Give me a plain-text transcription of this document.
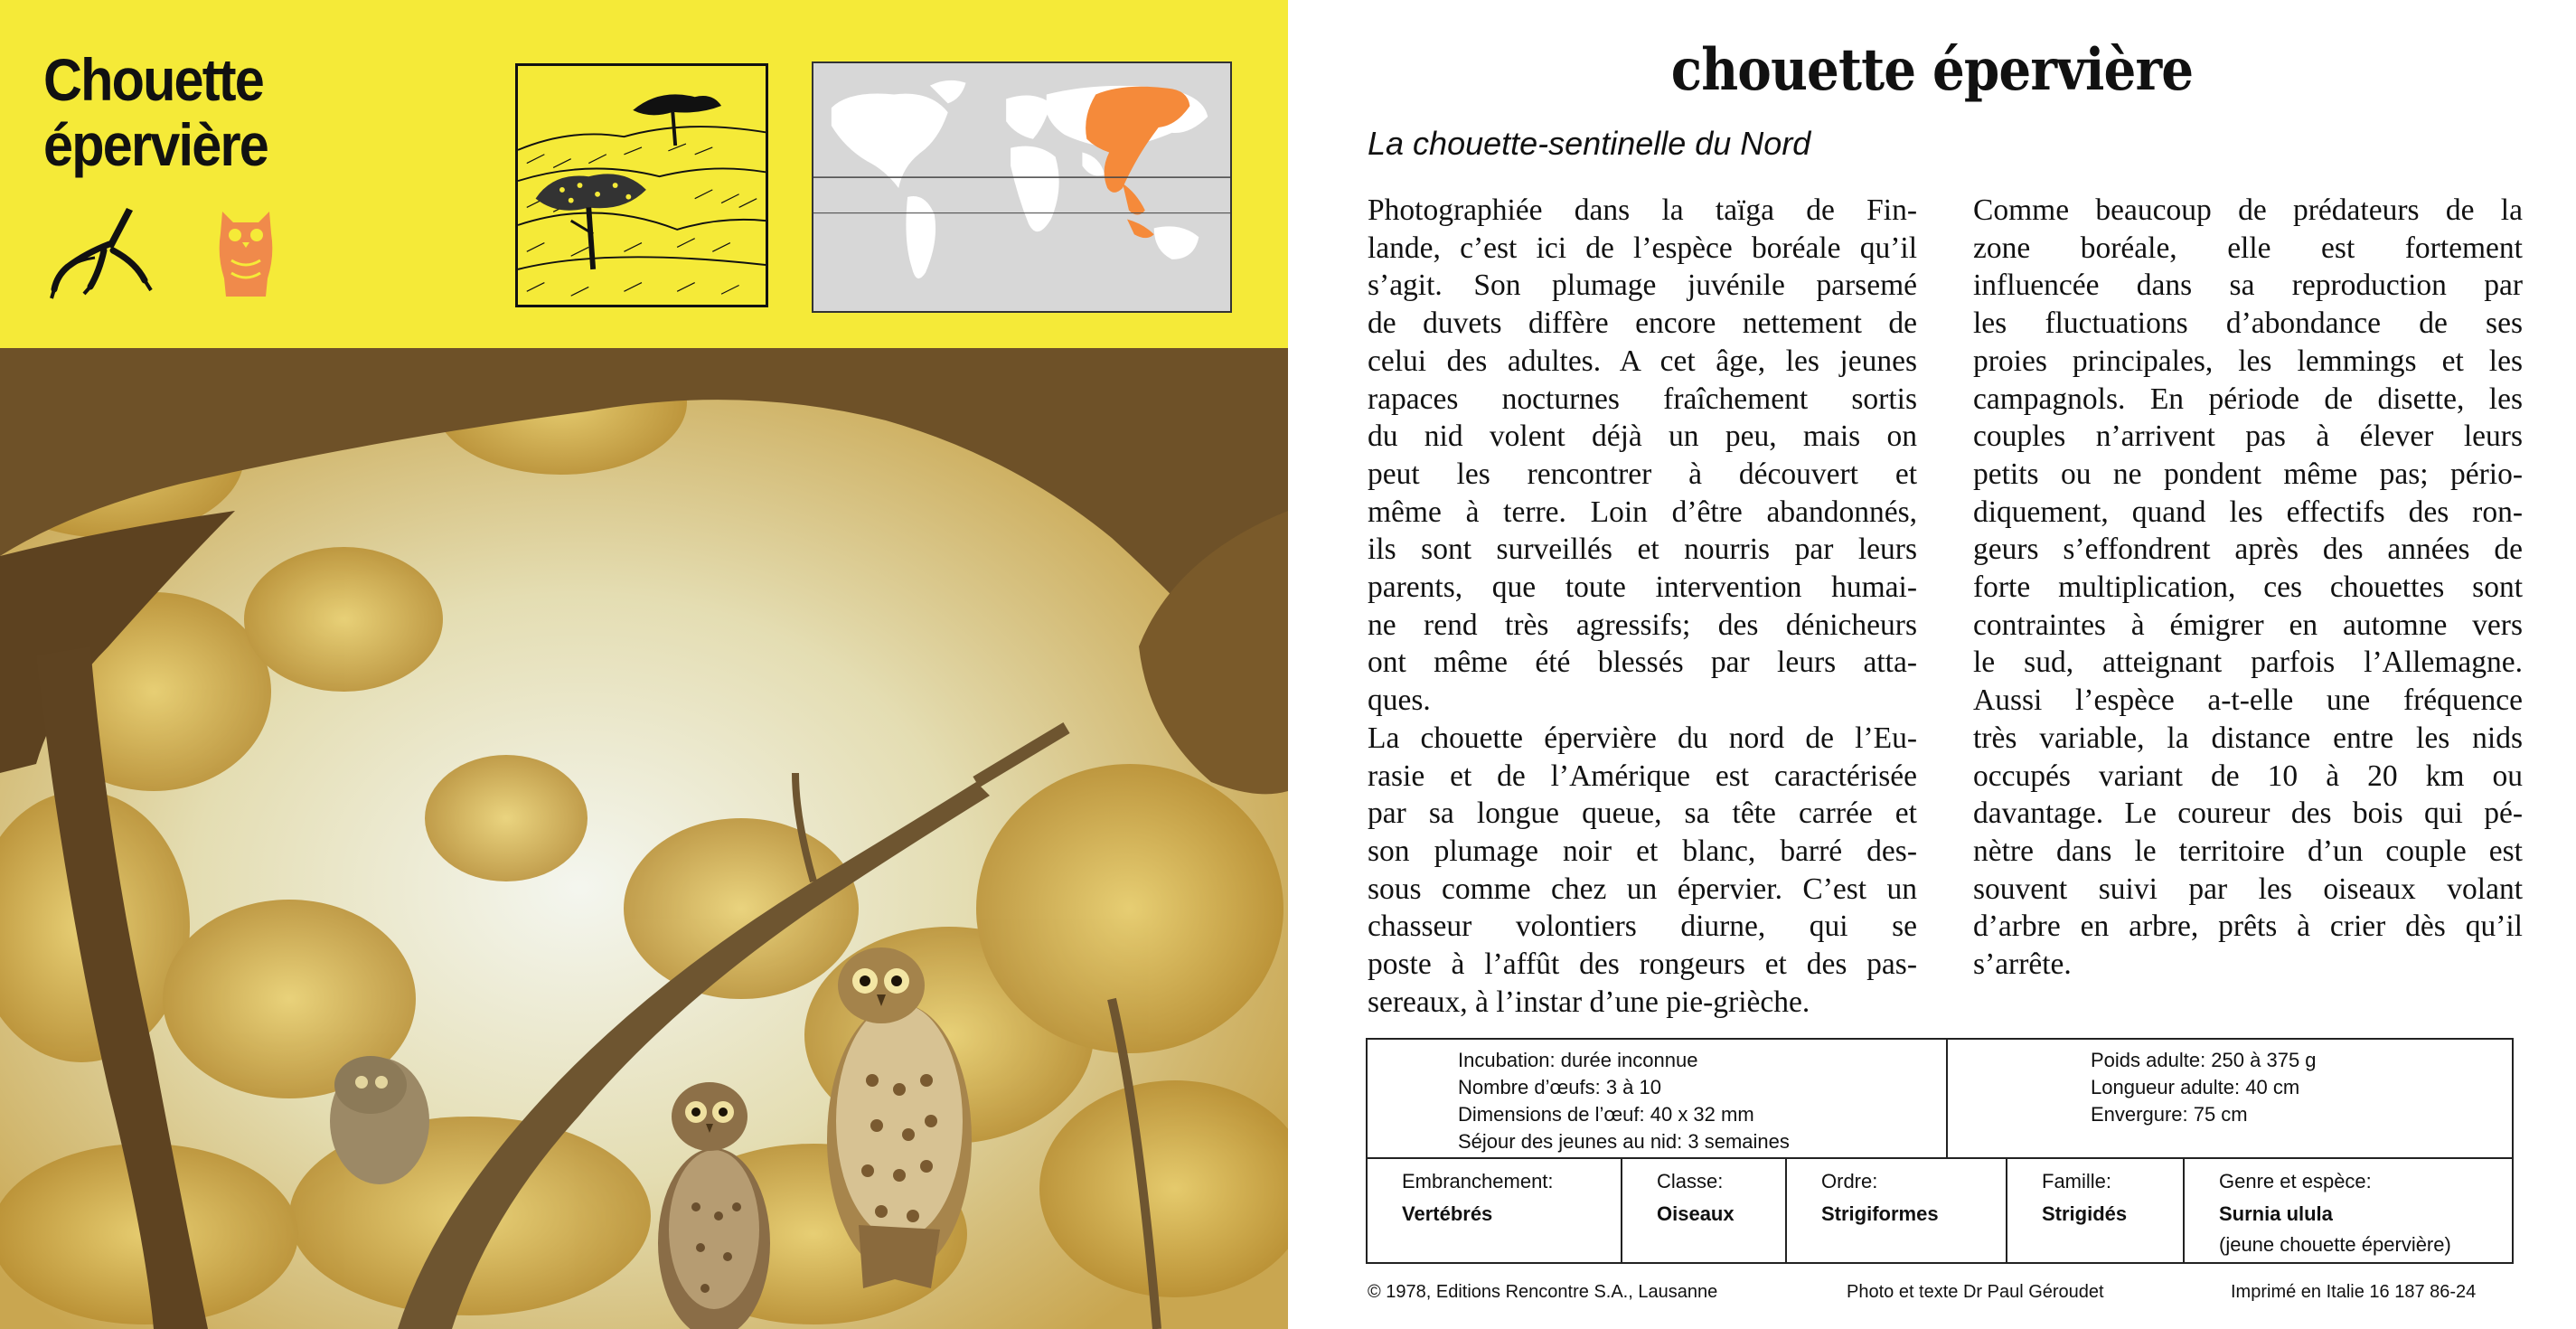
Chouette
épervière
chouette épervière
La chouette-sentinelle du Nord
Photographiée dans la taïga de Fin-
lande, c’est ici de l’espèce boréale qu’il
s’agit. Son plumage juvénile parsemé
de duvets diffère encore nettement de
celui des adultes. A cet âge, les jeunes
rapaces nocturnes fraîchement sortis
du nid volent déjà un peu, mais on
peut les rencontrer à découvert et
même à terre. Loin d’être abandonnés,
ils sont surveillés et nourris par leurs
parents, que toute intervention humai-
ne rend très agressifs; des dénicheurs
ont même été blessés par leurs atta-
ques.
La chouette épervière du nord de l’Eu-
rasie et de l’Amérique est caractérisée
par sa longue queue, sa tête carrée et
son plumage noir et blanc, barré des-
sous comme chez un épervier. C’est un
chasseur volontiers diurne, qui se
poste à l’affût des rongeurs et des pas-
sereaux, à l’instar d’une pie-grièche.
Comme beaucoup de prédateurs de la
zone boréale, elle est fortement
influencée dans sa reproduction par
les fluctuations d’abondance de ses
proies principales, les lemmings et les
campagnols. En période de disette, les
couples n’arrivent pas à élever leurs
petits ou ne pondent même pas; pério-
diquement, quand les effectifs des ron-
geurs s’effondrent après des années de
forte multiplication, ces chouettes sont
contraintes à émigrer en automne vers
le sud, atteignant parfois l’Allemagne.
Aussi l’espèce a-t-elle une fréquence
très variable, la distance entre les nids
occupés variant de 10 à 20 km ou
davantage. Le coureur des bois qui pé-
nètre dans le territoire d’un couple est
souvent suivi par les oiseaux volant
d’arbre en arbre, prêts à crier dès qu’il
s’arrête.
Incubation: durée inconnue
Nombre d’œufs: 3 à 10
Dimensions de l’œuf: 40 x 32 mm
Séjour des jeunes au nid: 3 semaines
Poids adulte: 250 à 375 g
Longueur adulte: 40 cm
Envergure: 75 cm
Embranchement:
Vertébrés
Classe:
Oiseaux
Ordre:
Strigiformes
Famille:
Strigidés
Genre et espèce:
Surnia ulula
(jeune chouette épervière)
© 1978, Editions Rencontre S.A., Lausanne	Photo et texte Dr Paul Géroudet	Imprimé en Italie 16 187 86-24
